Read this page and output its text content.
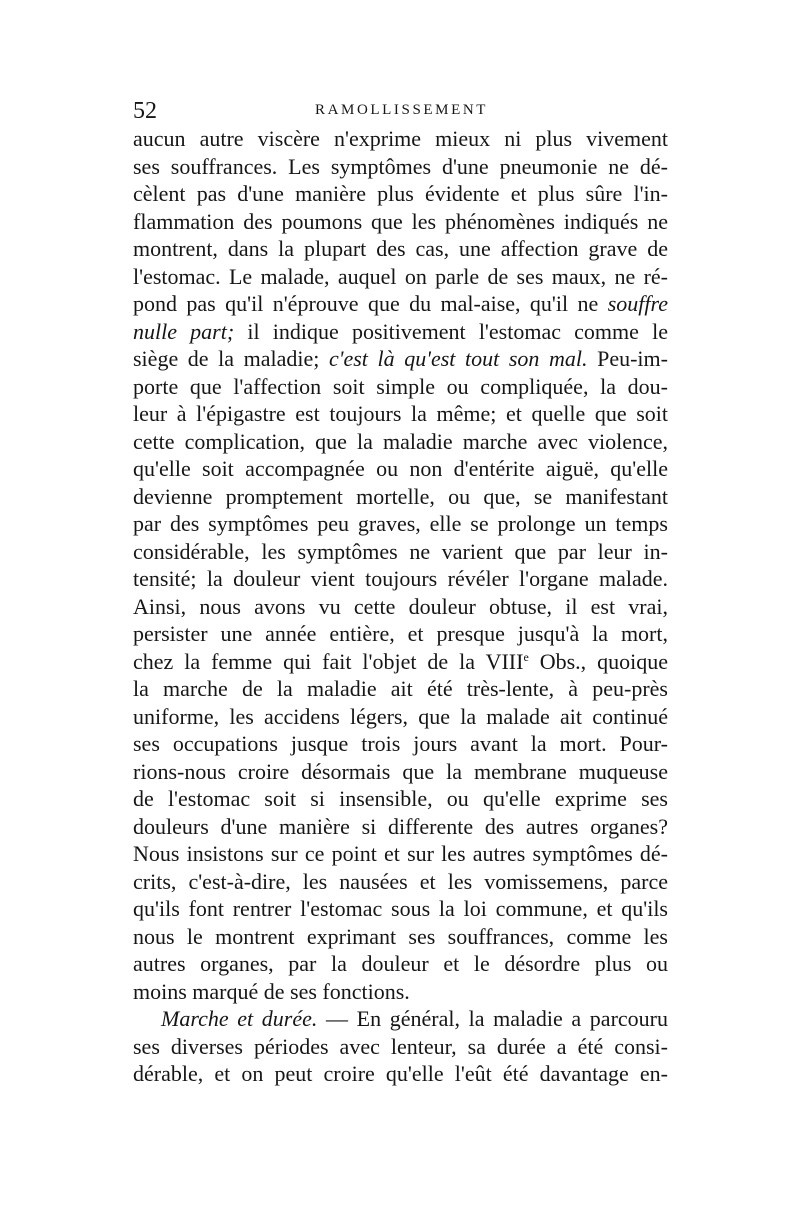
52	RAMOLLISSEMENT
aucun autre viscère n'exprime mieux ni plus vivement
ses souffrances. Les symptômes d'une pneumonie ne dé-
cèlent pas d'une manière plus évidente et plus sûre l'in-
flammation des poumons que les phénomènes indiqués ne
montrent, dans la plupart des cas, une affection grave de
l'estomac. Le malade, auquel on parle de ses maux, ne ré-
pond pas qu'il n'éprouve que du mal-aise, qu'il ne souffre
nulle part; il indique positivement l'estomac comme le
siège de la maladie; c'est là qu'est tout son mal. Peu-im-
porte que l'affection soit simple ou compliquée, la dou-
leur à l'épigastre est toujours la même; et quelle que soit
cette complication, que la maladie marche avec violence,
qu'elle soit accompagnée ou non d'entérite aiguë, qu'elle
devienne promptement mortelle, ou que, se manifestant
par des symptômes peu graves, elle se prolonge un temps
considérable, les symptômes ne varient que par leur in-
tensité; la douleur vient toujours révéler l'organe malade.
Ainsi, nous avons vu cette douleur obtuse, il est vrai,
persister une année entière, et presque jusqu'à la mort,
chez la femme qui fait l'objet de la VIIIe Obs., quoique
la marche de la maladie ait été très-lente, à peu-près
uniforme, les accidens légers, que la malade ait continué
ses occupations jusque trois jours avant la mort. Pour-
rions-nous croire désormais que la membrane muqueuse
de l'estomac soit si insensible, ou qu'elle exprime ses
douleurs d'une manière si differente des autres organes?
Nous insistons sur ce point et sur les autres symptômes dé-
crits, c'est-à-dire, les nausées et les vomissemens, parce
qu'ils font rentrer l'estomac sous la loi commune, et qu'ils
nous le montrent exprimant ses souffrances, comme les
autres organes, par la douleur et le désordre plus ou
moins marqué de ses fonctions.
Marche et durée. — En général, la maladie a parcouru
ses diverses périodes avec lenteur, sa durée a été consi-
dérable, et on peut croire qu'elle l'eût été davantage en-
